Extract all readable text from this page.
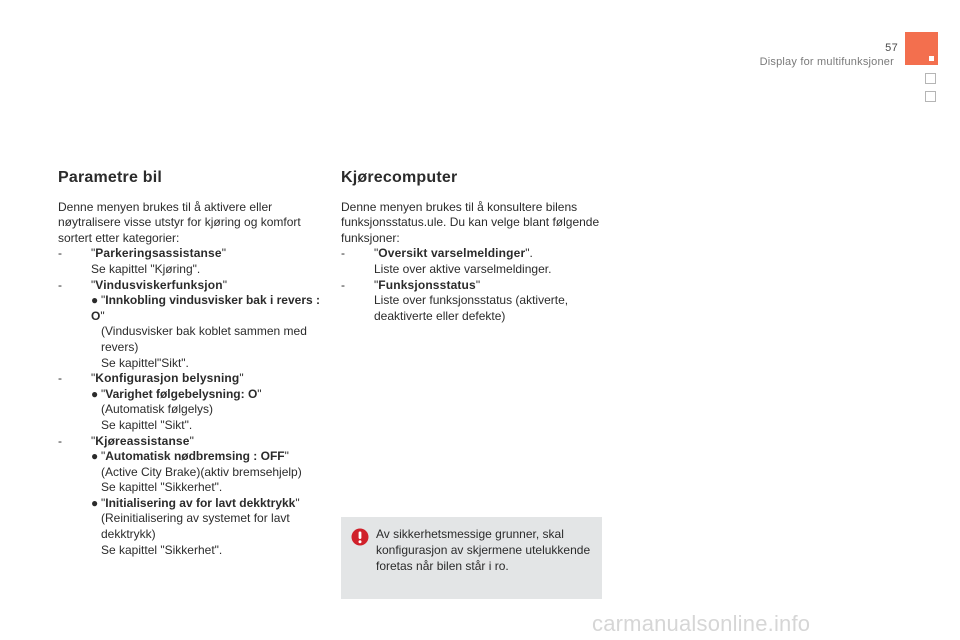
57
Display for multifunksjoner
Parametre bil

Denne menyen brukes til å aktivere eller nøytralisere visse utstyr for kjøring og komfort sortert etter kategorier:

- "Parkeringsassistanse"
Se kapittel "Kjøring".
- "Vindusviskerfunksjon"
● "Innkobling vindusvisker bak i revers : O"
(Vindusvisker bak koblet sammen med revers)
Se kapittel"Sikt".
- "Konfigurasjon belysning"
● "Varighet følgebelysning: O"
(Automatisk følgelys)
Se kapittel "Sikt".
- "Kjøreassistanse"
● "Automatisk nødbremsing : OFF"
(Active City Brake)(aktiv bremsehjelp)
Se kapittel "Sikkerhet".
● "Initialisering av for lavt dekktrykk"
(Reinitialisering av systemet for lavt dekktrykk)
Se kapittel "Sikkerhet".
Kjørecomputer

Denne menyen brukes til å konsultere bilens funksjonsstatus.ule. Du kan velge blant følgende funksjoner:

- "Oversikt varselmeldinger".
Liste over aktive varselmeldinger.
- "Funksjonsstatus"
Liste over funksjonsstatus (aktiverte, deaktiverte eller defekte)
Av sikkerhetsmessige grunner, skal konfigurasjon av skjermene utelukkende foretas når bilen står i ro.
carmanualsonline.info
